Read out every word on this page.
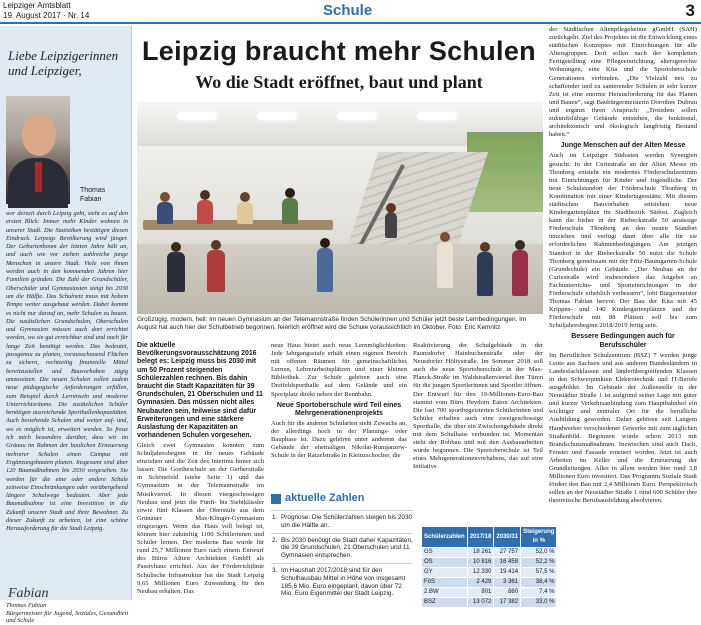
Leipziger Amtsblatt
19. August 2017 · Nr. 14	Schule	3
Liebe Leipzigerinnen und Leipziger,
Thomas
Fabian
wer derzeit durch Leipzig geht, sieht es auf den ersten Blick: Immer mehr Kinder wohnen in unserer Stadt. Die Statistiken bestätigen diesen Eindruck. Leipzigs Bevölkerung wird jünger. Der Geburtenboom der letzten Jahre hält an, und auch wie vor ziehen zahlreiche junge Menschen in unsere Stadt. Viele von ihnen werden auch in den kommenden Jahren hier Familien gründen. Die Zahl der Grundschüler, Oberschüler und Gymnasiasten steigt bis 2030 um die Hälfte. Das Schulnetz muss mit hohem Tempo weiter ausgebaut werden. Dabei kommt es nicht nur darauf an, mehr Schulen zu bauen. Die zusätzlichen Grundschulen, Oberschulen und Gymnasien müssen auch dort errichtet werden, wo sie gut erreichbar sind und noch für lange Zeit benötigt werden. Das bedeutet, passgenau zu planen, vorausschauend Flächen zu sichern, rechtzeitig finanzielle Mittel bereitzustellen und Bauvorhaben zügig umzusetzen. Die neuen Schulen sollen zudem neue pädagogische Anforderungen erfüllen, zum Beispiel durch Lerninseln und moderne Unterrichtsräume. Die zusätzlichen Schüler benötigen ausreichende Sporthallenkapazitäten. Auch bestehende Schulen sind weiter auf- und, wo es möglich ist, erweitert werden. So freue ich mich besonders darüber, dass wir im Grünau im Rahmen der baulichen Erneuerung mehrerer Schulen einen Campus mit Ergänzungsbauten planen. Insgesamt sind über 120 Baumaßnahmen bis 2030 vorgesehen. Sie werden für die eine oder andere Schule zeitweise Einschränkungen oder vorübergehend längere Schulwege bedeuten. Aber jede Baumaßnahme ist eine Investition in die Zukunft unserer Stadt und ihrer Bewohner. Zu dieser Zukunft zu arbeiten, ist eine schöne Herausforderung für die Stadt Leipzig.
Fabian
Thomas Fabian
Bürgermeister für Jugend, Soziales, Gesundheit und Schule
Leipzig braucht mehr Schulen
Wo die Stadt eröffnet, baut und plant
Großzügig, modern, hell: Im neuen Gymnasium an der Telemannstraße finden Schülerinnen und Schüler jetzt beste Lernbedingungen. Im August hat auch hier der Schulbetrieb begonnen, feierlich eröffnet wird die Schule voraussichtlich im Oktober. Foto: Eric Kemnitz
Die aktuelle Bevölkerungsvorausschätzung 2016 belegt es: Leipzig muss bis 2030 mit um 50 Prozent steigenden Schülerzahlen rechnen. Bis dahin braucht die Stadt Kapazitäten für 39 Grundschulen, 21 Oberschulen und 11 Gymnasien. Das müssen nicht alles Neubauten sein, teilweise sind dafür Erweiterungen und eine stärkere Auslastung der Kapazitäten an vorhandenen Schulen vorgesehen.
Gleich zwei Gymnasien konnten zum Schuljahresbeginn in ihr neues Gebäude einziehen und die Zeit des Interims hinter sich lassen: Die Goetheschule an der Gerberstraße in Schönefeld (siehe Seite 1) und das Gymnasium in der Telemannstraße im Musikviertel. In diesen viergeschossigen Neubau sind jetzt die Fünft- bis Siebtklässler sowie fünf Klassen der Oberstufe aus dem Grünauer Max-Klinger-Gymnasium eingezogen. Wenn das Haus voll belegt ist, können hier zukünftig 1100 Schülerinnen und Schüler lernen. Der moderne Bau wurde für rund 25,7 Millionen Euro nach einem Entwurf des Büros Altien Architekten GmbH als Passivhaus errichtet. Aus der Förderrichtlinie Schulische Infrastruktur hat die Stadt Leipzig 9,65 Millionen Euro Zuwendung für den Neubau erhalten. Das

neue Haus bietet auch neue Lernmöglichkeiten: Jede Jahrgangsstufe erhält einen eigenen Bereich mit offenen Räumen für gemeinschaftliches Lernen, Lehrerarbeitsplätzen und einer kleinen Bibliothek. Zur Schule gehören auch eine Dreifeldsporthalle auf dem Gelände und ein Sportplatz direkt neben der Rennbahn.

Neue Sportoberschule wird Teil eines Mehrgenerationenprojekts

Auch für die anderen Schularten steht Zuwachs an, der allerdings noch in der Planungs- oder Bauphase ist. Dazu gehören unter anderem das Gebäude der ehemaligen Nikolai-Rumjanzew-Schule in der Ratzelstraße in Kleinzschocher, die

aktuelle Zahlen
1. Prognose: Die Schülerzahlen steigen bis 2030 um die Hälfte an.
2. Bis 2030 benötigt die Stadt daher Kapazitäten, die 39 Grundschulen, 21 Oberschulen und 11 Gymnasien entsprechen.
3. Im Haushalt 2017/2018 sind für den Schulhausbau Mittel in Höhe von insgesamt 185,6 Mio. Euro eingeplant, davon über 72 Mio. Euro Eigenmittel der Stadt Leipzig.
Reaktivierung der Schulgebäude in der Paunsdorfer Hainbuchenstraße oder der Neusdorfer Höltystraße. Im Sommer 2018 soll auch die neue Sportoberschule in der Max-Planck-Straße im Waldstraßenviertel ihre Türen für die jungen Sportlerinnen und Sportler öffnen. Der Entwurf für den 19-Millionen-Euro-Bau stammt vom Büro Heydorn Eaton Architekten. Die fast 700 sportbegeisterten Schülerinnen und Schüler erhalten auch eine zweigeschossige Sporthalle, die über ein Zwischengebäude direkt mit dem Schulhaus verbunden ist. Momentan steht der Rohbau und mit den Ausbauarbeiten wurde begonnen. Die Sportoberschule ist Teil eines Mehrgenerationenvorhabens, das auf eine Initiative
Schülerzahlen	2017/18	2030/31	Steigerung in %
GS	18 261	27 757	52,0 %
OS	10 816	16 458	52,2 %
GY	12 330	19 414	57,5 %
FöS	2 429	3 361	38,4 %
2.BW	801	860	7,4 %
BSZ	13 072	17 382	33,0 %

der Städtischen Altenpflegeheime gGmbH (SAH) zurückgeht. Ziel des Projektes ist die Entwicklung eines städtischen Konzeptes mit Einrichtungen für alle Altersgruppen. Dort sollen nach der kompletten Fertigstellung eine Pflegeeinrichtung, altersgerechte Wohnungen, eine Kita und die Sportoberschule Generationen verbinden. „Die Vielzahl neu zu schaffender und zu sanierender Schulen in sehr kurzer Zeit ist eine enorme Herausforderung für das Planen und Bauen“, sagt Baubürgermeisterin Dorothee Dubrau und ergänzt ihren Anspruch: „Trotzdem sollen zukunftsfähige Gebäude entstehen, die funktional, architektonisch und ökologisch langfristig Bestand haben.“

Junge Menschen auf der Alten Messe

Auch im Leipziger Südosten werden Synergien gesucht: In der Curiestraße an der Alten Messe im Thonberg entsteht ein modernes Förderschulzentrum mit Einrichtungen für Kinder und Jugendliche. Der neue Schulstandort der Förderschule Thonberg in Kombination mit einer Kindertagesstätte. Mit diesem städtischen Bauvorhaben entstehen neue Kindergartenplätze im Stadtbezirk Südost. Zugleich kann die bisher in der Riebeckstraße 50 ansässige Förderschule Thonberg an den neuen Standort umziehen und verfügt dann über alle für sie erforderlichen Rahmenbedingungen. Am jetzigen Standort in der Riebeckstraße 50 nutzt die Schule Thonberg gemeinsam mit der Fritz-Baumgarten-Schule (Grundschule) ein Gebäude. „Der Neubau an der Curiestraße wird insbesondere das Angebot an Fachunterrichts- und Sporteinrichtungen in der Förderschule erheblich verbessern“, lobt Bürgermeister Thomas Fabian hervor. Der Bau der Kita mit 45 Krippen- und 140 Kindergartenplätzen und der Förderschule mit 88 Plätzen soll bis zum Schuljahresbeginn 2018/2019 fertig sein.

Bessere Bedingungen auch für Berufsschüler

Im Beruflichen Schulzentrum (BSZ) 7 werden junge Leute aus Sachsen und aus anderen Bundesländern in Landesfachklassen und länderübergreifenden Klassen in den Schwerpunkten Elektrotechnik und IT-Berufe ausgebildet. Im Gebäude der Außenstelle in der Neustädter Straße 1 ist aufgrund seiner Lage mit guter und kurzer Verkehrsanbindung zum Hauptbahnhof ein wichtiger und zentraler Ort für die berufliche Ausbildung geworden. Daher gehören seit Langem Handwerker verschiedener Gewerke mit zum täglichen Straßenbild. Begonnen wurde schon 2013 mit Brandschutzmaßnahmen. Inzwischen sind auch Dach, Fenster und Fassade erneuert worden. Jetzt ist auch Arbeiten im Keller und die Erneuerung der Grundleitungen. Alles in allem werden hier rund 3,8 Millionen Euro investiert. Das Programm Soziale Stadt fördert den Bau mit 2,4 Millionen Euro. Perspektivisch sollen an der Neustädter Straße 1 rund 600 Schüler ihre theoretische Berufsausbildung absolvieren.
